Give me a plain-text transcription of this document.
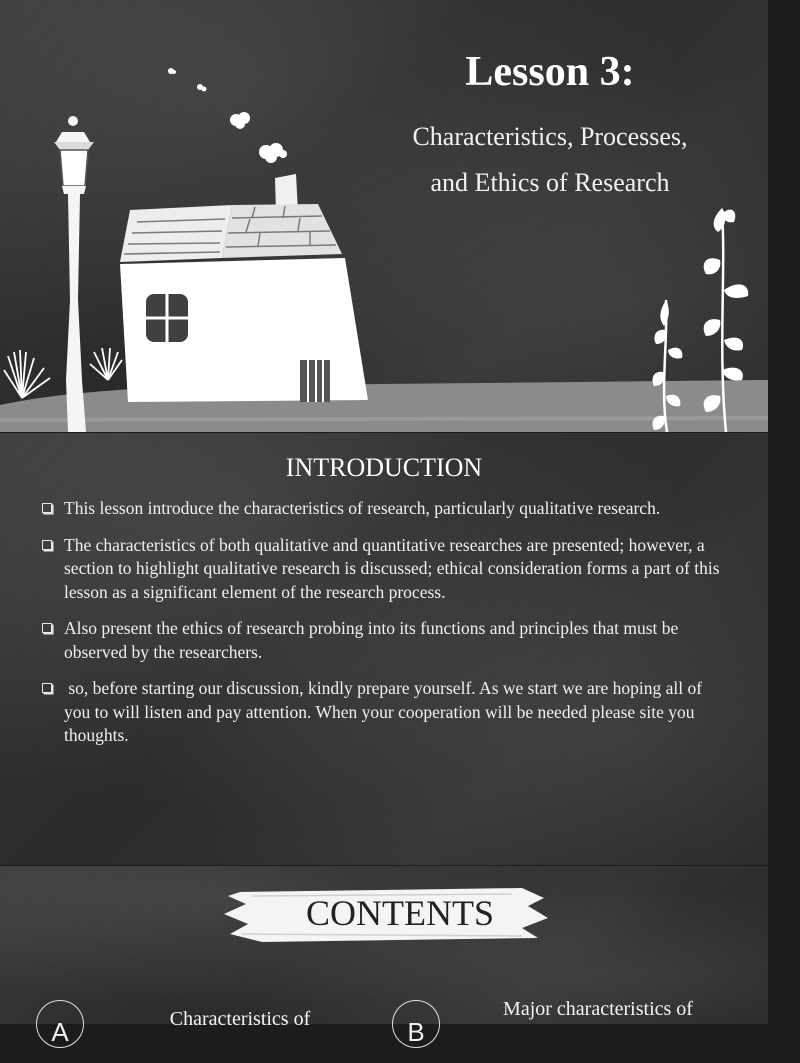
Lesson 3:
Characteristics, Processes,
and Ethics of Research
INTRODUCTION
This lesson introduce the characteristics of research, particularly qualitative research.
The characteristics of both qualitative and quantitative researches are presented; however, a section to highlight qualitative research is discussed; ethical consideration forms a part of this lesson as a significant element of the research process.
Also present the ethics of research probing into its functions and principles that must be observed by the researchers.
so, before starting our discussion, kindly prepare yourself. As we start we are hoping all of  you to will listen and pay attention. When your cooperation will be needed please site you thoughts.
CONTENTS
A	Characteristics of	B
Major characteristics of
